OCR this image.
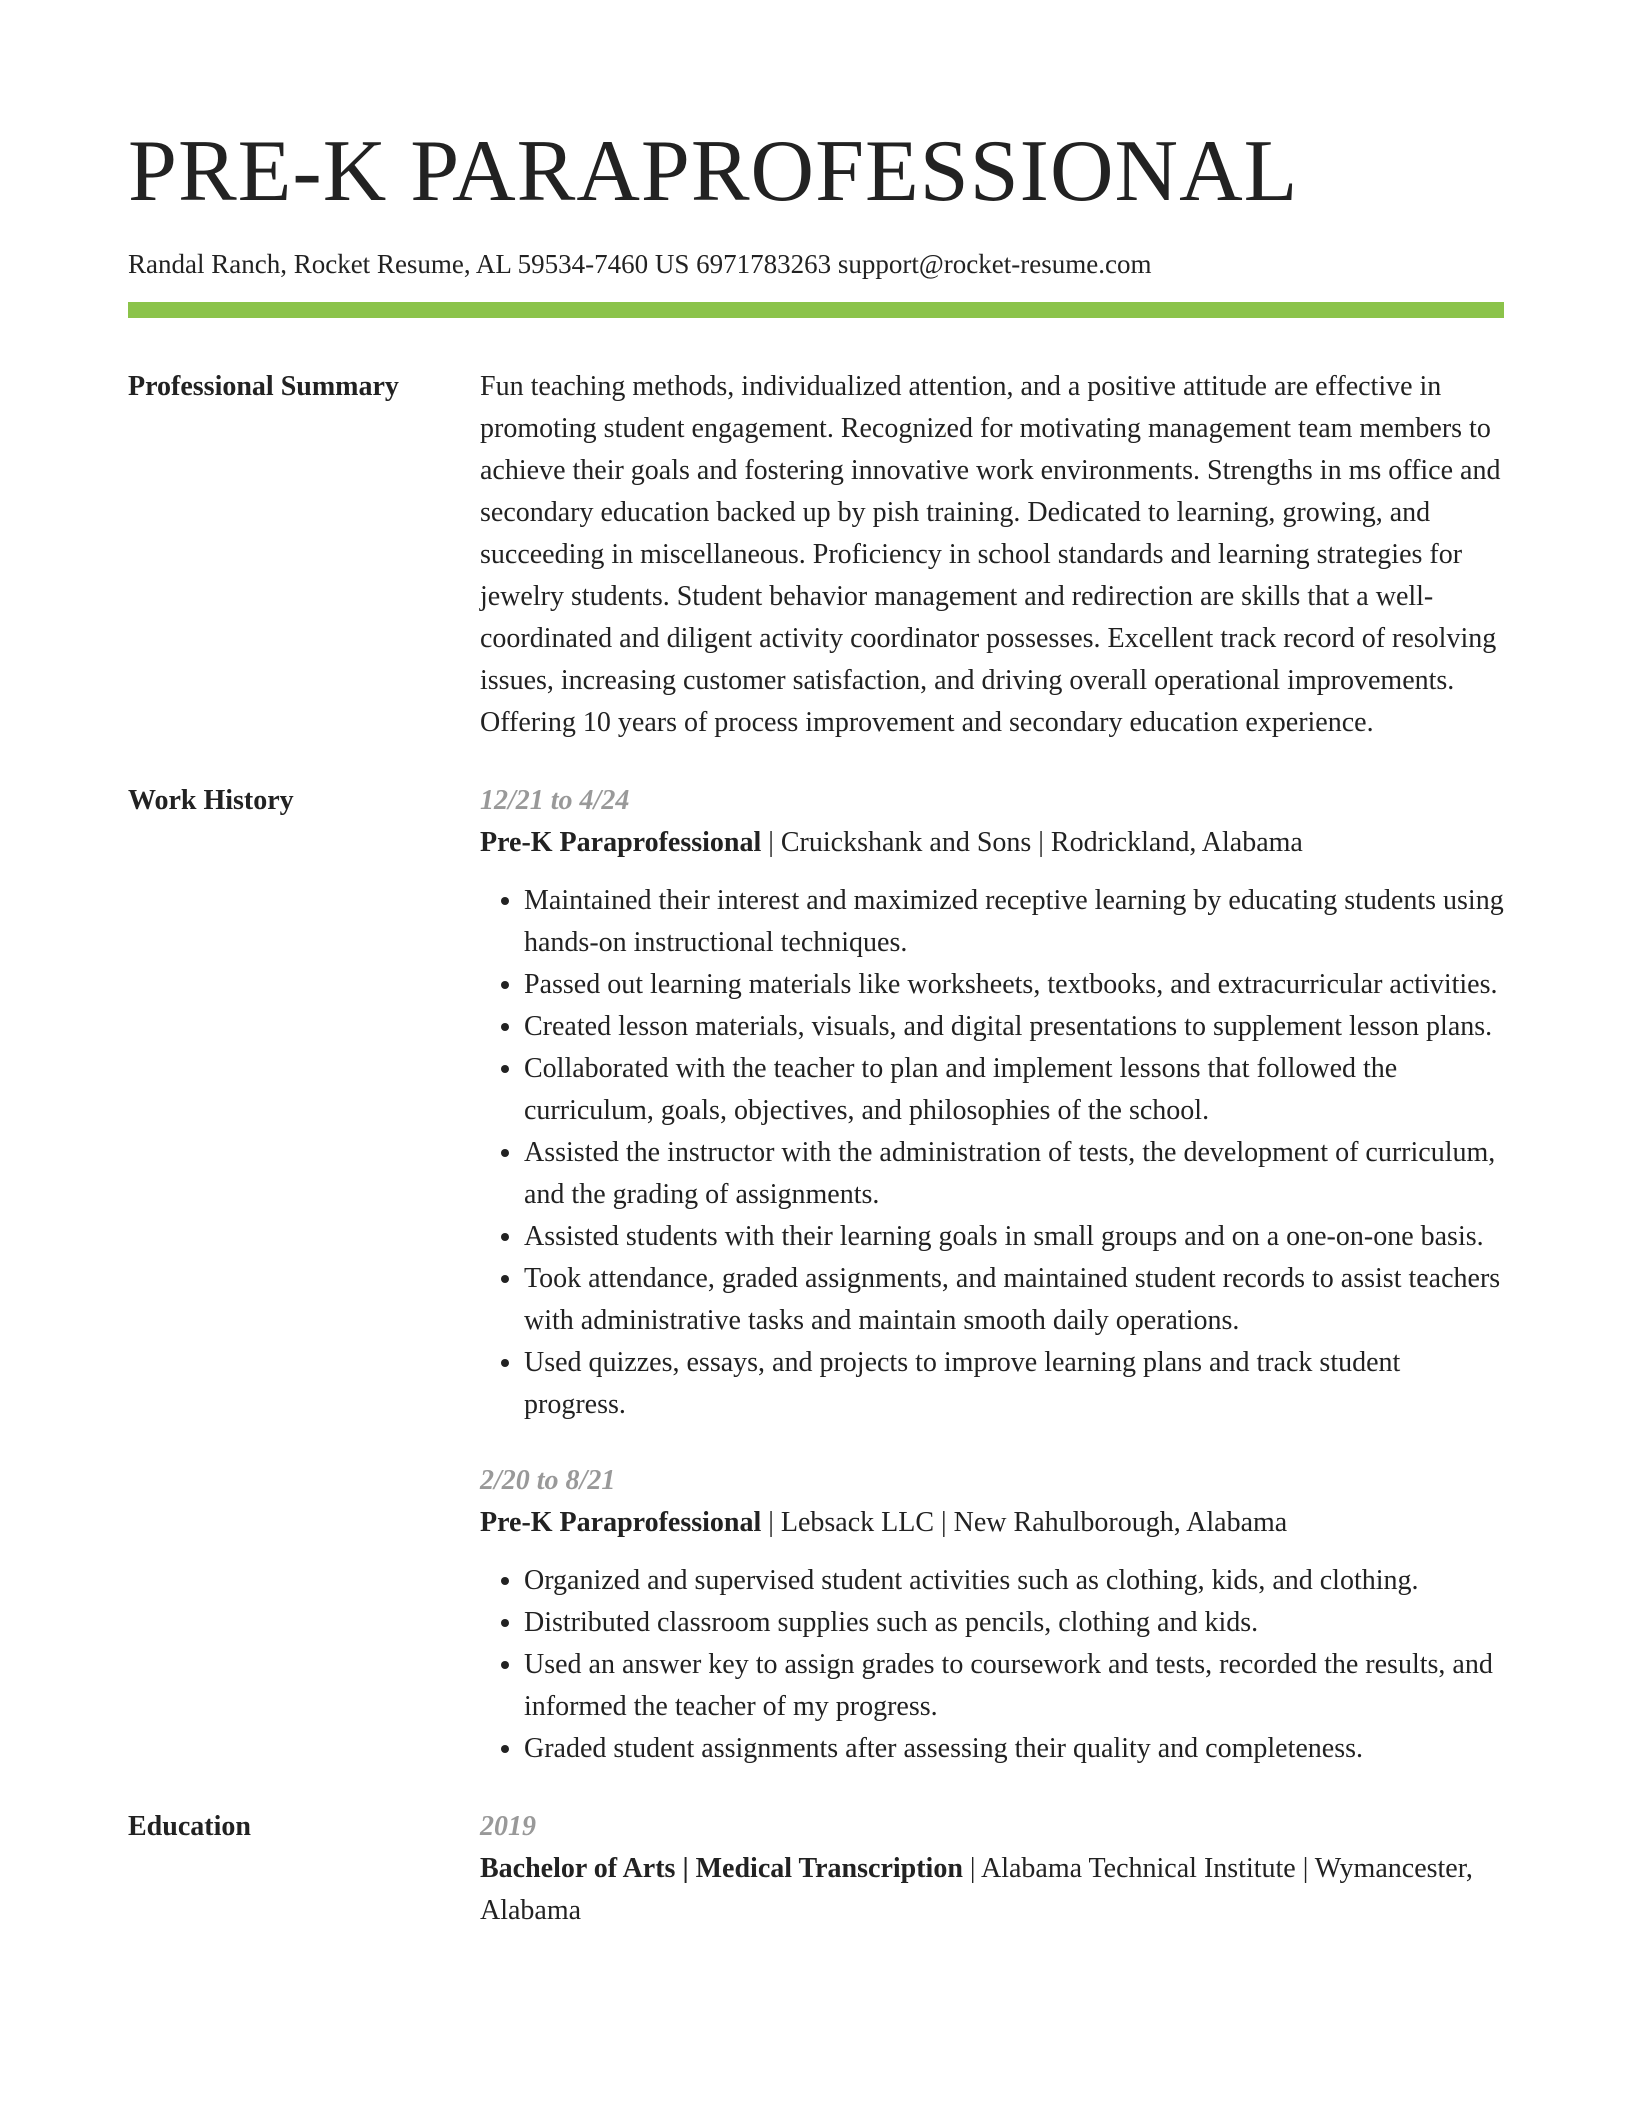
PRE-K PARAPROFESSIONAL
Randal Ranch, Rocket Resume, AL 59534-7460 US 6971783263 support@rocket-resume.com
Professional Summary	Fun teaching methods, individualized attention, and a positive attitude are effective in promoting student engagement. Recognized for motivating management team members to achieve their goals and fostering innovative work environments. Strengths in ms office and secondary education backed up by pish training. Dedicated to learning, growing, and succeeding in miscellaneous. Proficiency in school standards and learning strategies for jewelry students. Student behavior management and redirection are skills that a well-coordinated and diligent activity coordinator possesses. Excellent track record of resolving issues, increasing customer satisfaction, and driving overall operational improvements. Offering 10 years of process improvement and secondary education experience.

Work History	12/21 to 4/24
Pre-K Paraprofessional | Cruickshank and Sons | Rodrickland, Alabama
• Maintained their interest and maximized receptive learning by educating students using hands-on instructional techniques.
• Passed out learning materials like worksheets, textbooks, and extracurricular activities.
• Created lesson materials, visuals, and digital presentations to supplement lesson plans.
• Collaborated with the teacher to plan and implement lessons that followed the curriculum, goals, objectives, and philosophies of the school.
• Assisted the instructor with the administration of tests, the development of curriculum, and the grading of assignments.
• Assisted students with their learning goals in small groups and on a one-on-one basis.
• Took attendance, graded assignments, and maintained student records to assist teachers with administrative tasks and maintain smooth daily operations.
• Used quizzes, essays, and projects to improve learning plans and track student progress.
2/20 to 8/21
Pre-K Paraprofessional | Lebsack LLC | New Rahulborough, Alabama
• Organized and supervised student activities such as clothing, kids, and clothing.
• Distributed classroom supplies such as pencils, clothing and kids.
• Used an answer key to assign grades to coursework and tests, recorded the results, and informed the teacher of my progress.
• Graded student assignments after assessing their quality and completeness.
Education	2019
Bachelor of Arts | Medical Transcription | Alabama Technical Institute | Wymancester, Alabama
